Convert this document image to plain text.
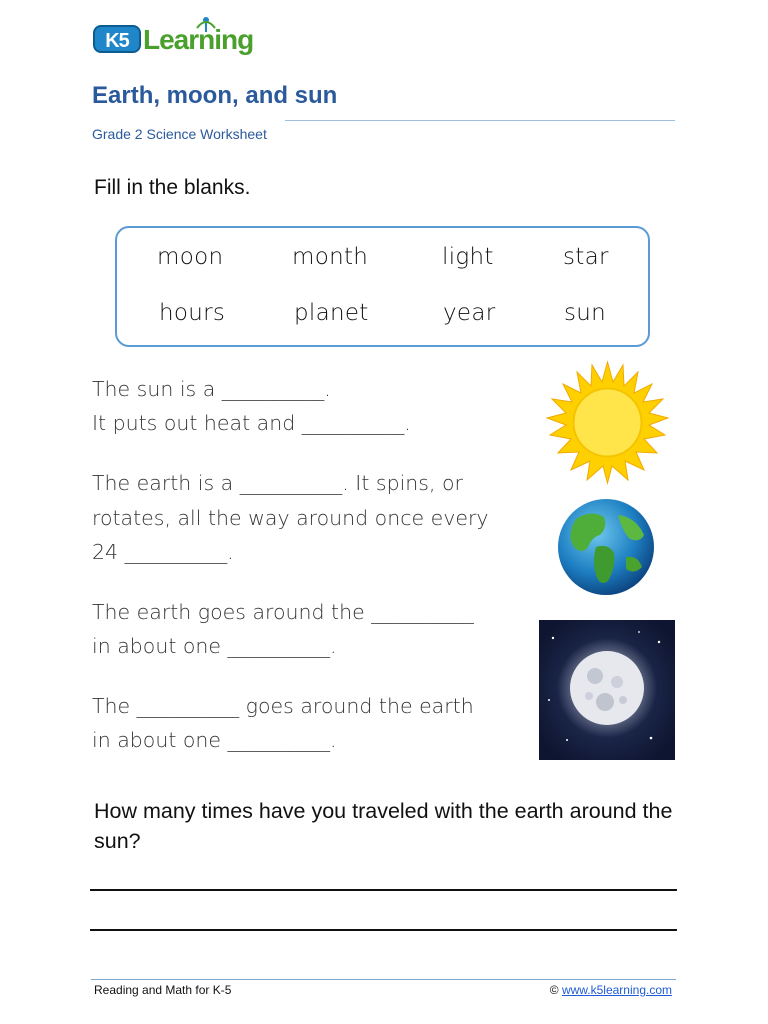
K5 Learning
Earth, moon, and sun
Grade 2 Science Worksheet
Fill in the blanks.
moon	month	light	star
hours	planet	year	sun
The sun is a __________.
It puts out heat and __________.
The earth is a __________. It spins, or
rotates, all the way around once every
24 __________.
The earth goes around the __________
in about one __________.
The __________ goes around the earth
in about one __________.
How many times have you traveled with the earth around the sun?
Reading and Math for K-5	© www.k5learning.com
